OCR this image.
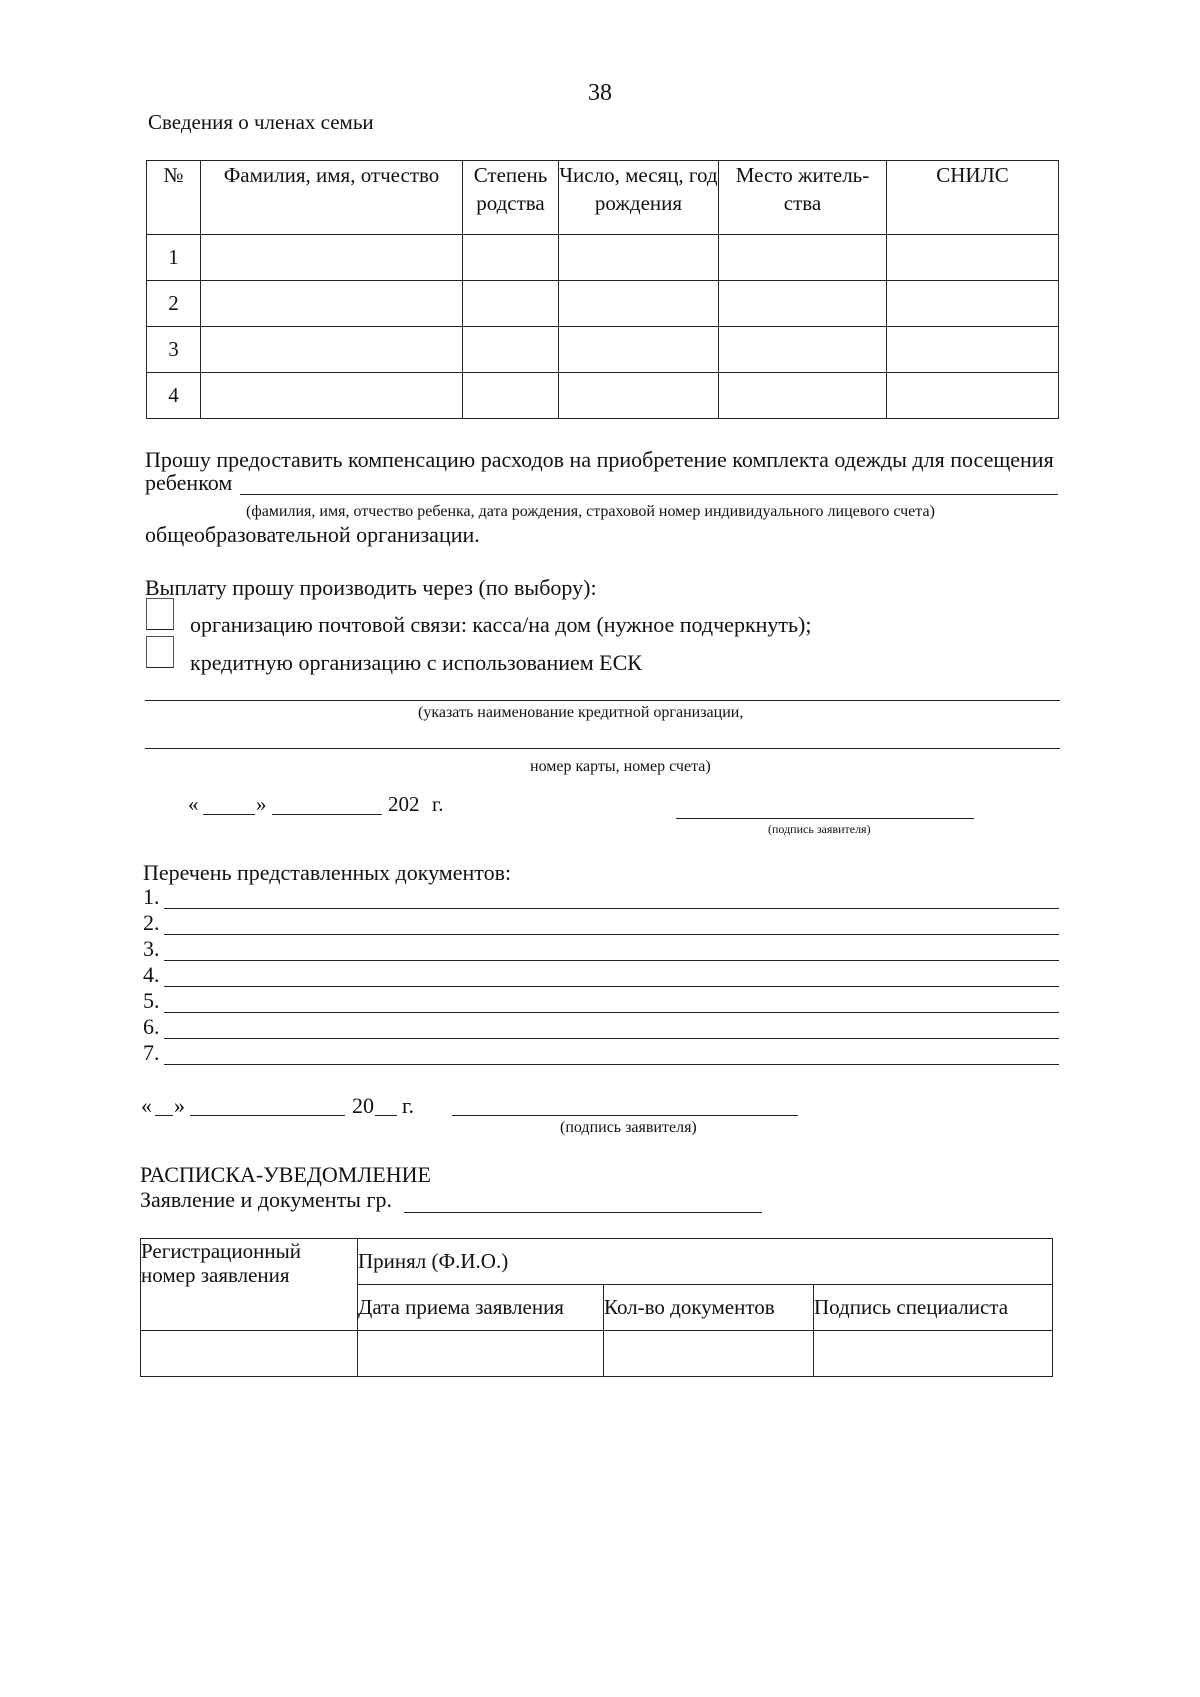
38
Сведения о членах семьи
№	Фамилия, имя, отчество	Степень родства	Число, месяц, год рождения	Место житель-ства	СНИЛС
1					
2					
3					
4					
Прошу предоставить компенсацию расходов на приобретение комплекта одежды для посещения
ребенком
(фамилия, имя, отчество ребенка, дата рождения, страховой номер индивидуального лицевого счета)
общеобразовательной организации.
Выплату прошу производить через (по выбору):
организацию почтовой связи: касса/на дом (нужное подчеркнуть);
кредитную организацию с использованием ЕСК
(указать наименование кредитной организации,
номер карты, номер счета)
«	»	202 г.
(подпись заявителя)
Перечень представленных документов:
1.
2.
3.
4.
5.
6.
7.
« »	20 г.
(подпись заявителя)
РАСПИСКА-УВЕДОМЛЕНИЕ
Заявление и документы гр.
Регистрационный номер заявления	Принял (Ф.И.О.)		
	Дата приема заявления	Кол-во документов	Подпись специалиста
